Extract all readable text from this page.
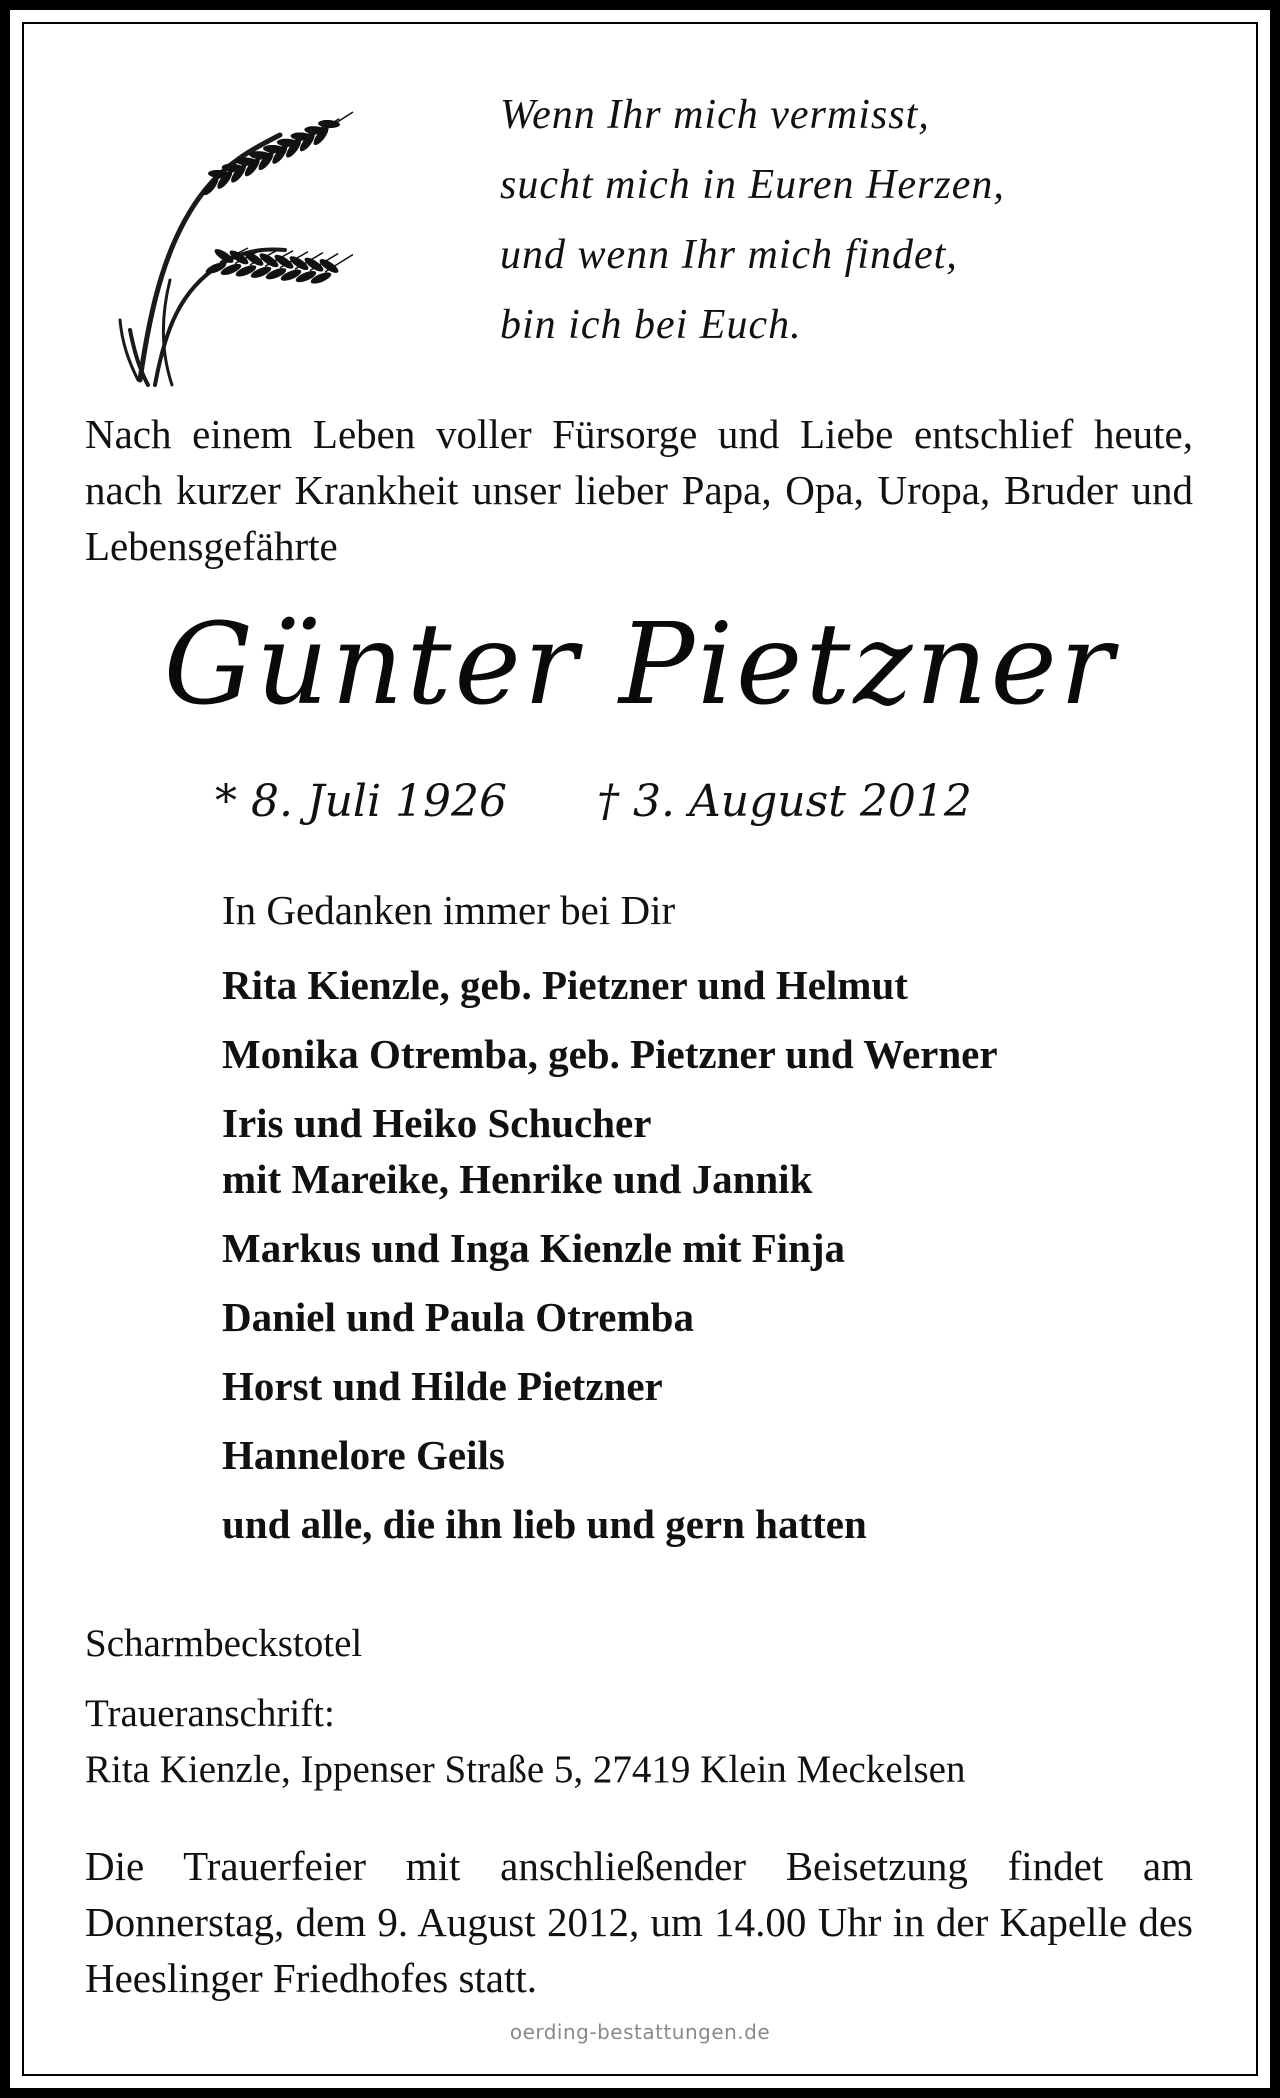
Wenn Ihr mich vermisst,
sucht mich in Euren Herzen,
und wenn Ihr mich findet,
bin ich bei Euch.
Nach einem Leben voller Fürsorge und Liebe entschlief heute, nach kurzer Krankheit unser lieber Papa, Opa, Uropa, Bruder und Lebensgefährte
Günter Pietzner
* 8. Juli 1926 † 3. August 2012
In Gedanken immer bei Dir
Rita Kienzle, geb. Pietzner und Helmut
Monika Otremba, geb. Pietzner und Werner
Iris und Heiko Schucher
mit Mareike, Henrike und Jannik
Markus und Inga Kienzle mit Finja
Daniel und Paula Otremba
Horst und Hilde Pietzner
Hannelore Geils
und alle, die ihn lieb und gern hatten
Scharmbeckstotel
Traueranschrift:
Rita Kienzle, Ippenser Straße 5, 27419 Klein Meckelsen
Die Trauerfeier mit anschließender Beisetzung findet am Donnerstag, dem 9. August 2012, um 14.00 Uhr in der Kapelle des Heeslinger Friedhofes statt.
oerding-bestattungen.de
